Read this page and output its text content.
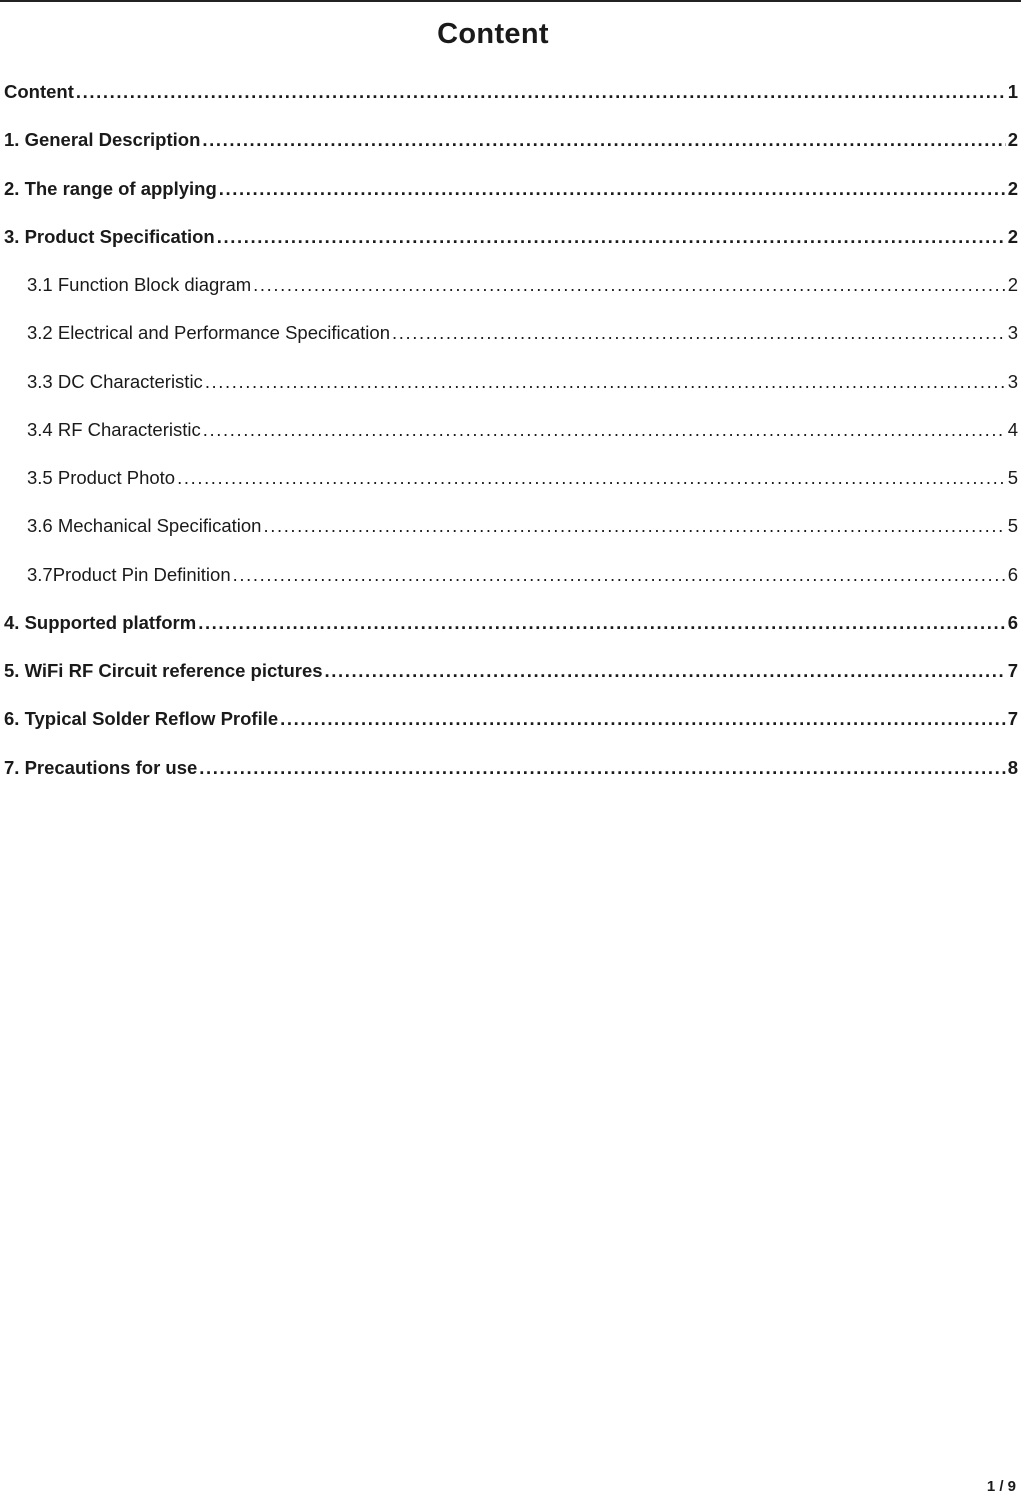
Content
Content .....	1
1. General Description .....	2
2. The range of applying .....	2
3. Product Specification .....	2
3.1 Function Block diagram .....	2
3.2 Electrical and Performance Specification .....	3
3.3 DC Characteristic .....	3
3.4 RF Characteristic .....	4
3.5 Product Photo .....	5
3.6 Mechanical Specification .....	5
3.7Product Pin Definition .....	6
4. Supported platform .....	6
5. WiFi RF Circuit reference pictures .....	7
6. Typical Solder Reflow Profile .....	7
7. Precautions for use .....	8
1 / 9
